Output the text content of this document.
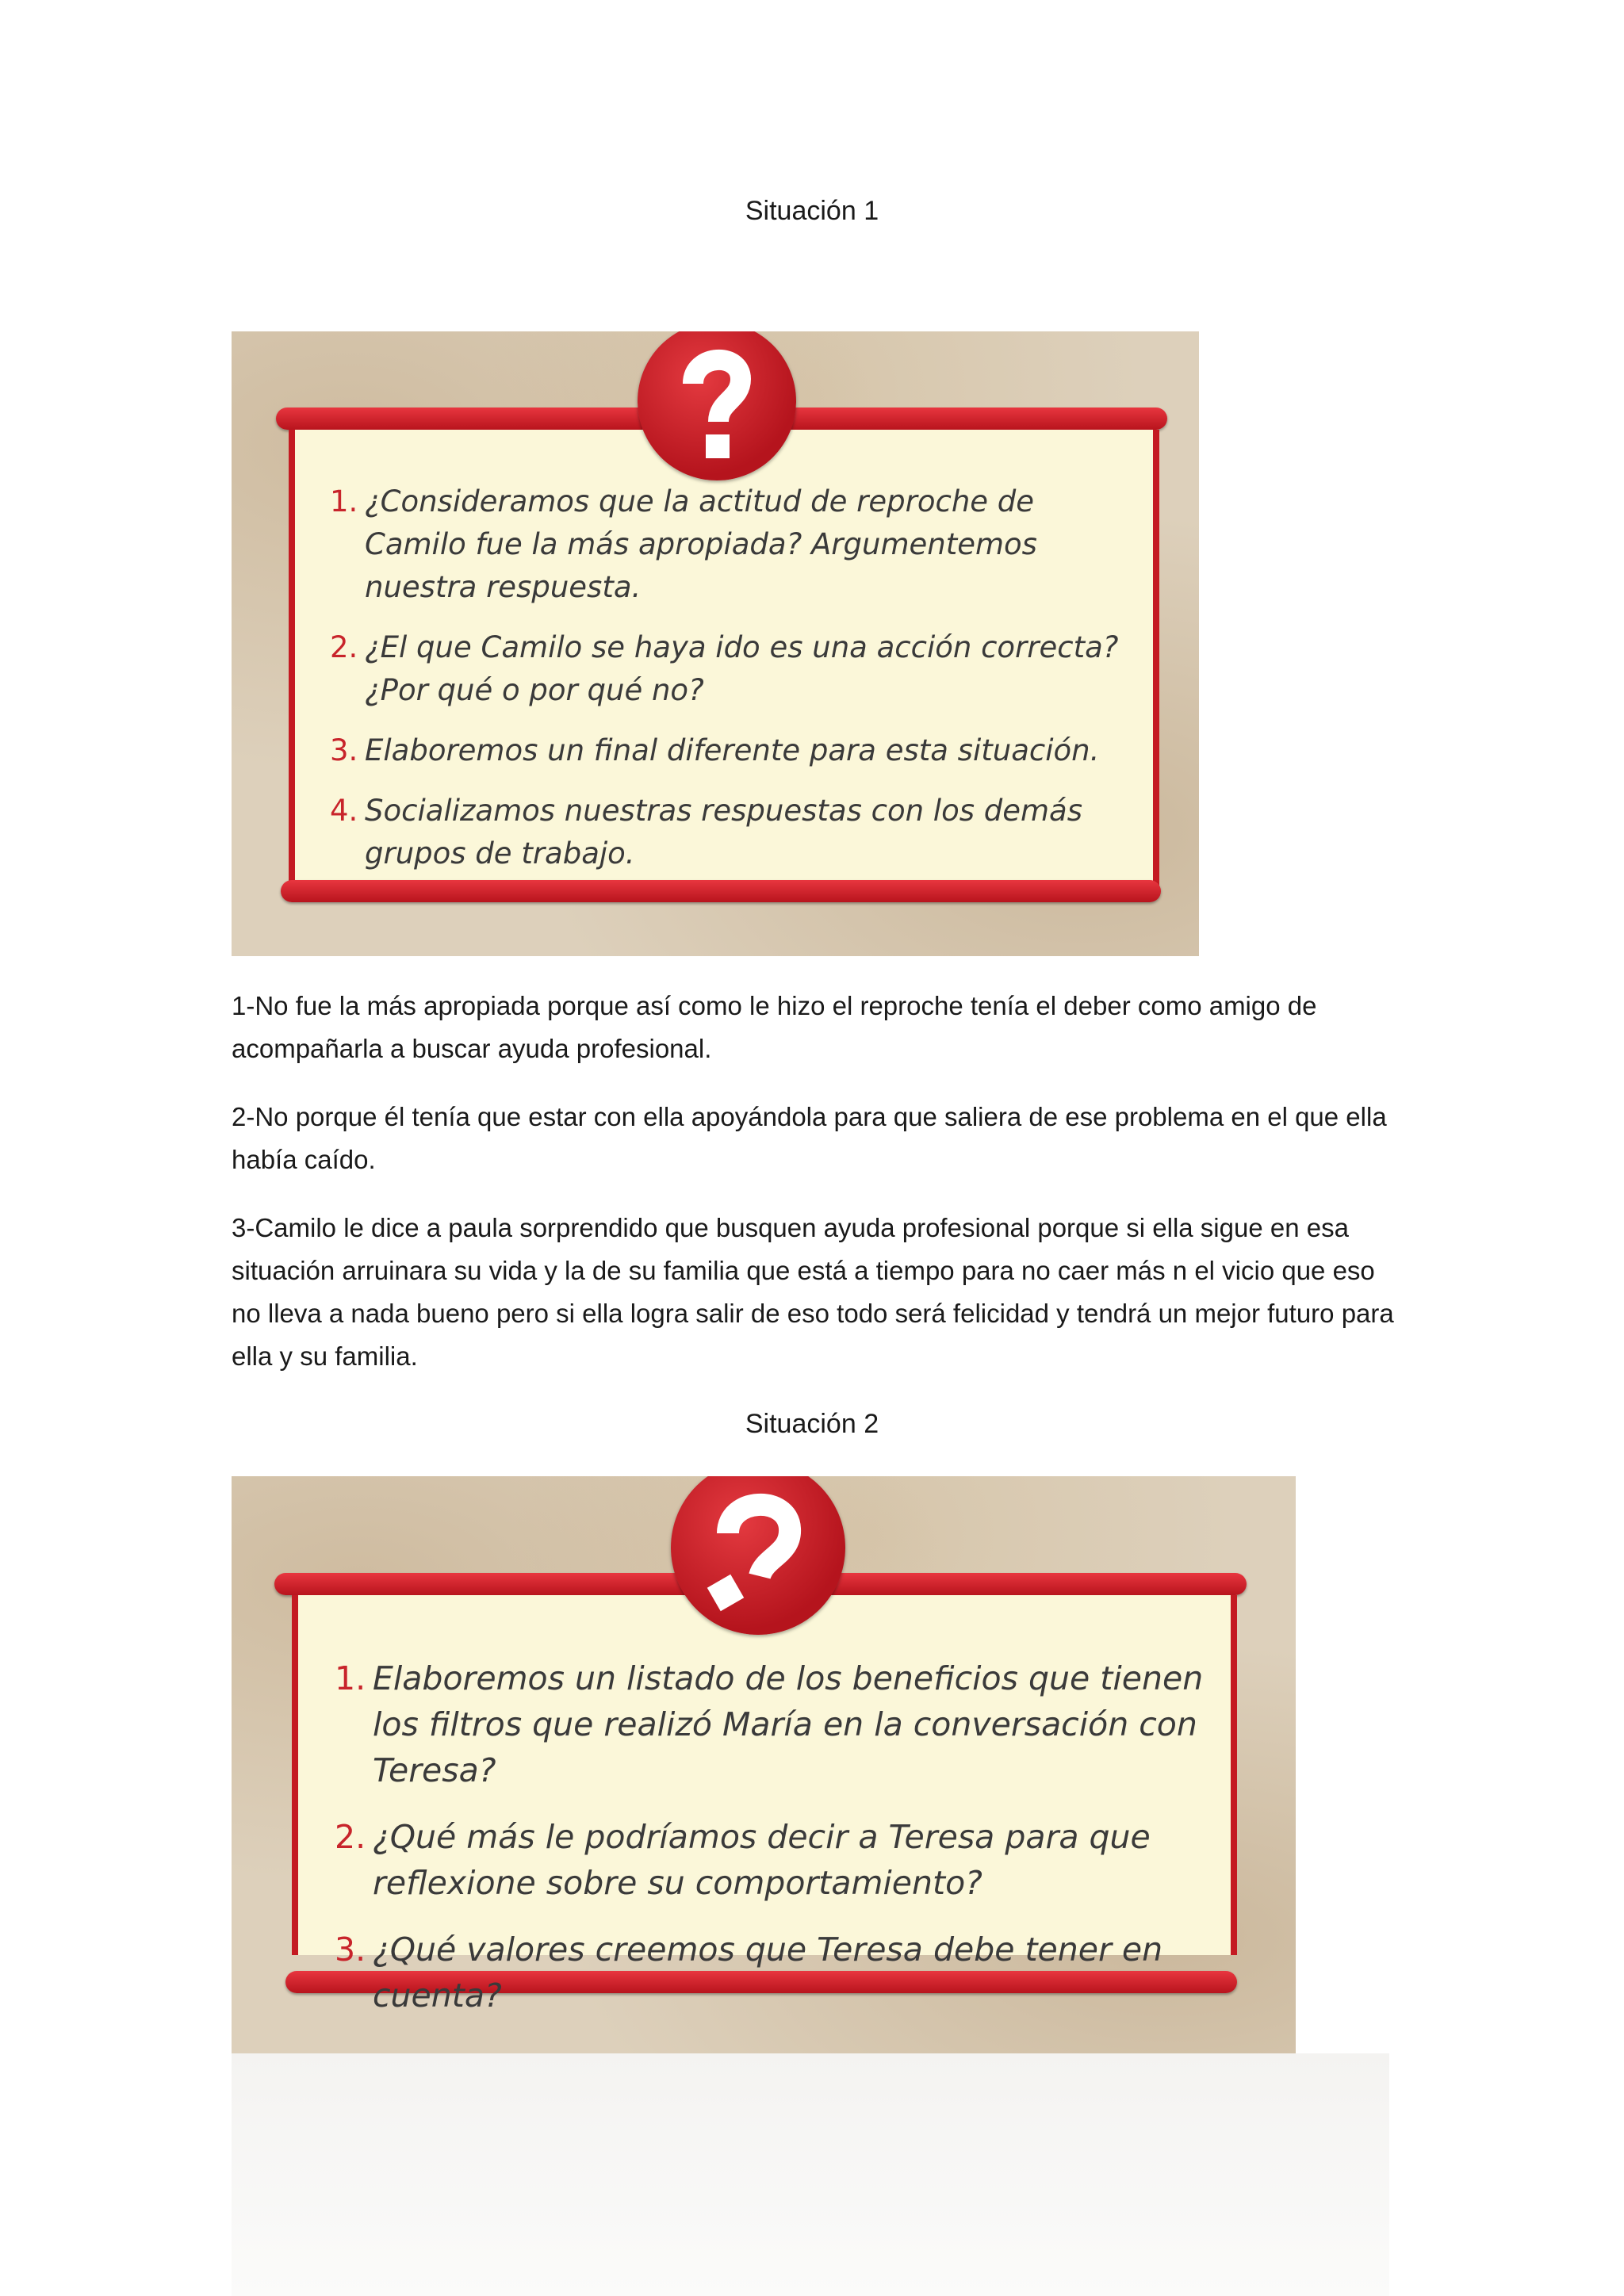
Situación 1
1. ¿Consideramos que la actitud de reproche de Camilo fue la más apropiada? Argumentemos nuestra respuesta.
2. ¿El que Camilo se haya ido es una acción correcta? ¿Por qué o por qué no?
3. Elaboremos un final diferente para esta situación.
4. Socializamos nuestras respuestas con los demás grupos de trabajo.

1-No fue la más apropiada porque así como le hizo el reproche tenía el deber como amigo de acompañarla a buscar ayuda profesional.

2-No porque él tenía que estar con ella apoyándola para que saliera de ese problema en el que ella había caído.

3-Camilo le dice a paula sorprendido que busquen ayuda profesional porque si ella sigue en esa situación arruinara su vida y la de su familia que está a tiempo para no caer más n el vicio que eso no lleva a nada bueno pero si ella logra salir de eso todo será felicidad y tendrá un mejor futuro para ella y su familia.

Situación 2
1. Elaboremos un listado de los beneficios que tienen los filtros que realizó María en la conversación con Teresa?
2. ¿Qué más le podríamos decir a Teresa para que reflexione sobre su comportamiento?
3. ¿Qué valores creemos que Teresa debe tener en cuenta?
